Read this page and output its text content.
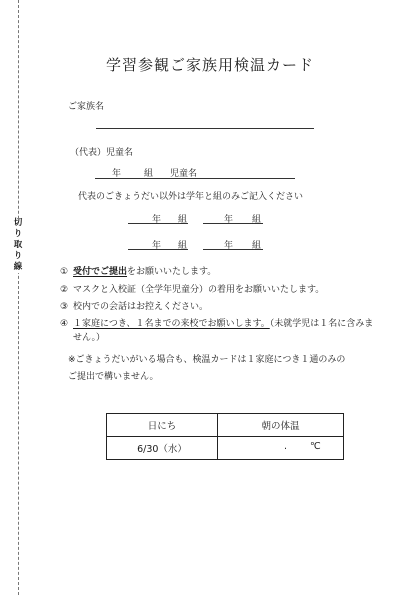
切
り
取
り
線
学習参観ご家族用検温カード
ご家族名
（代表）児童名
年	組 児童名
代表のごきょうだい以外は学年と組のみご記入ください
年 組	年 組
年 組	年 組
① 受付でご提出をお願いいたします。
② マスクと入校証（全学年児童分）の着用をお願いいたします。
③ 校内での会話はお控えください。
④ １家庭につき、１名までの来校でお願いします。（未就学児は１名に含みません。）
※ごきょうだいがいる場合も、検温カードは１家庭につき１通のみのご提出で構いません。
日にち	朝の体温
6/30（水）	. ℃
